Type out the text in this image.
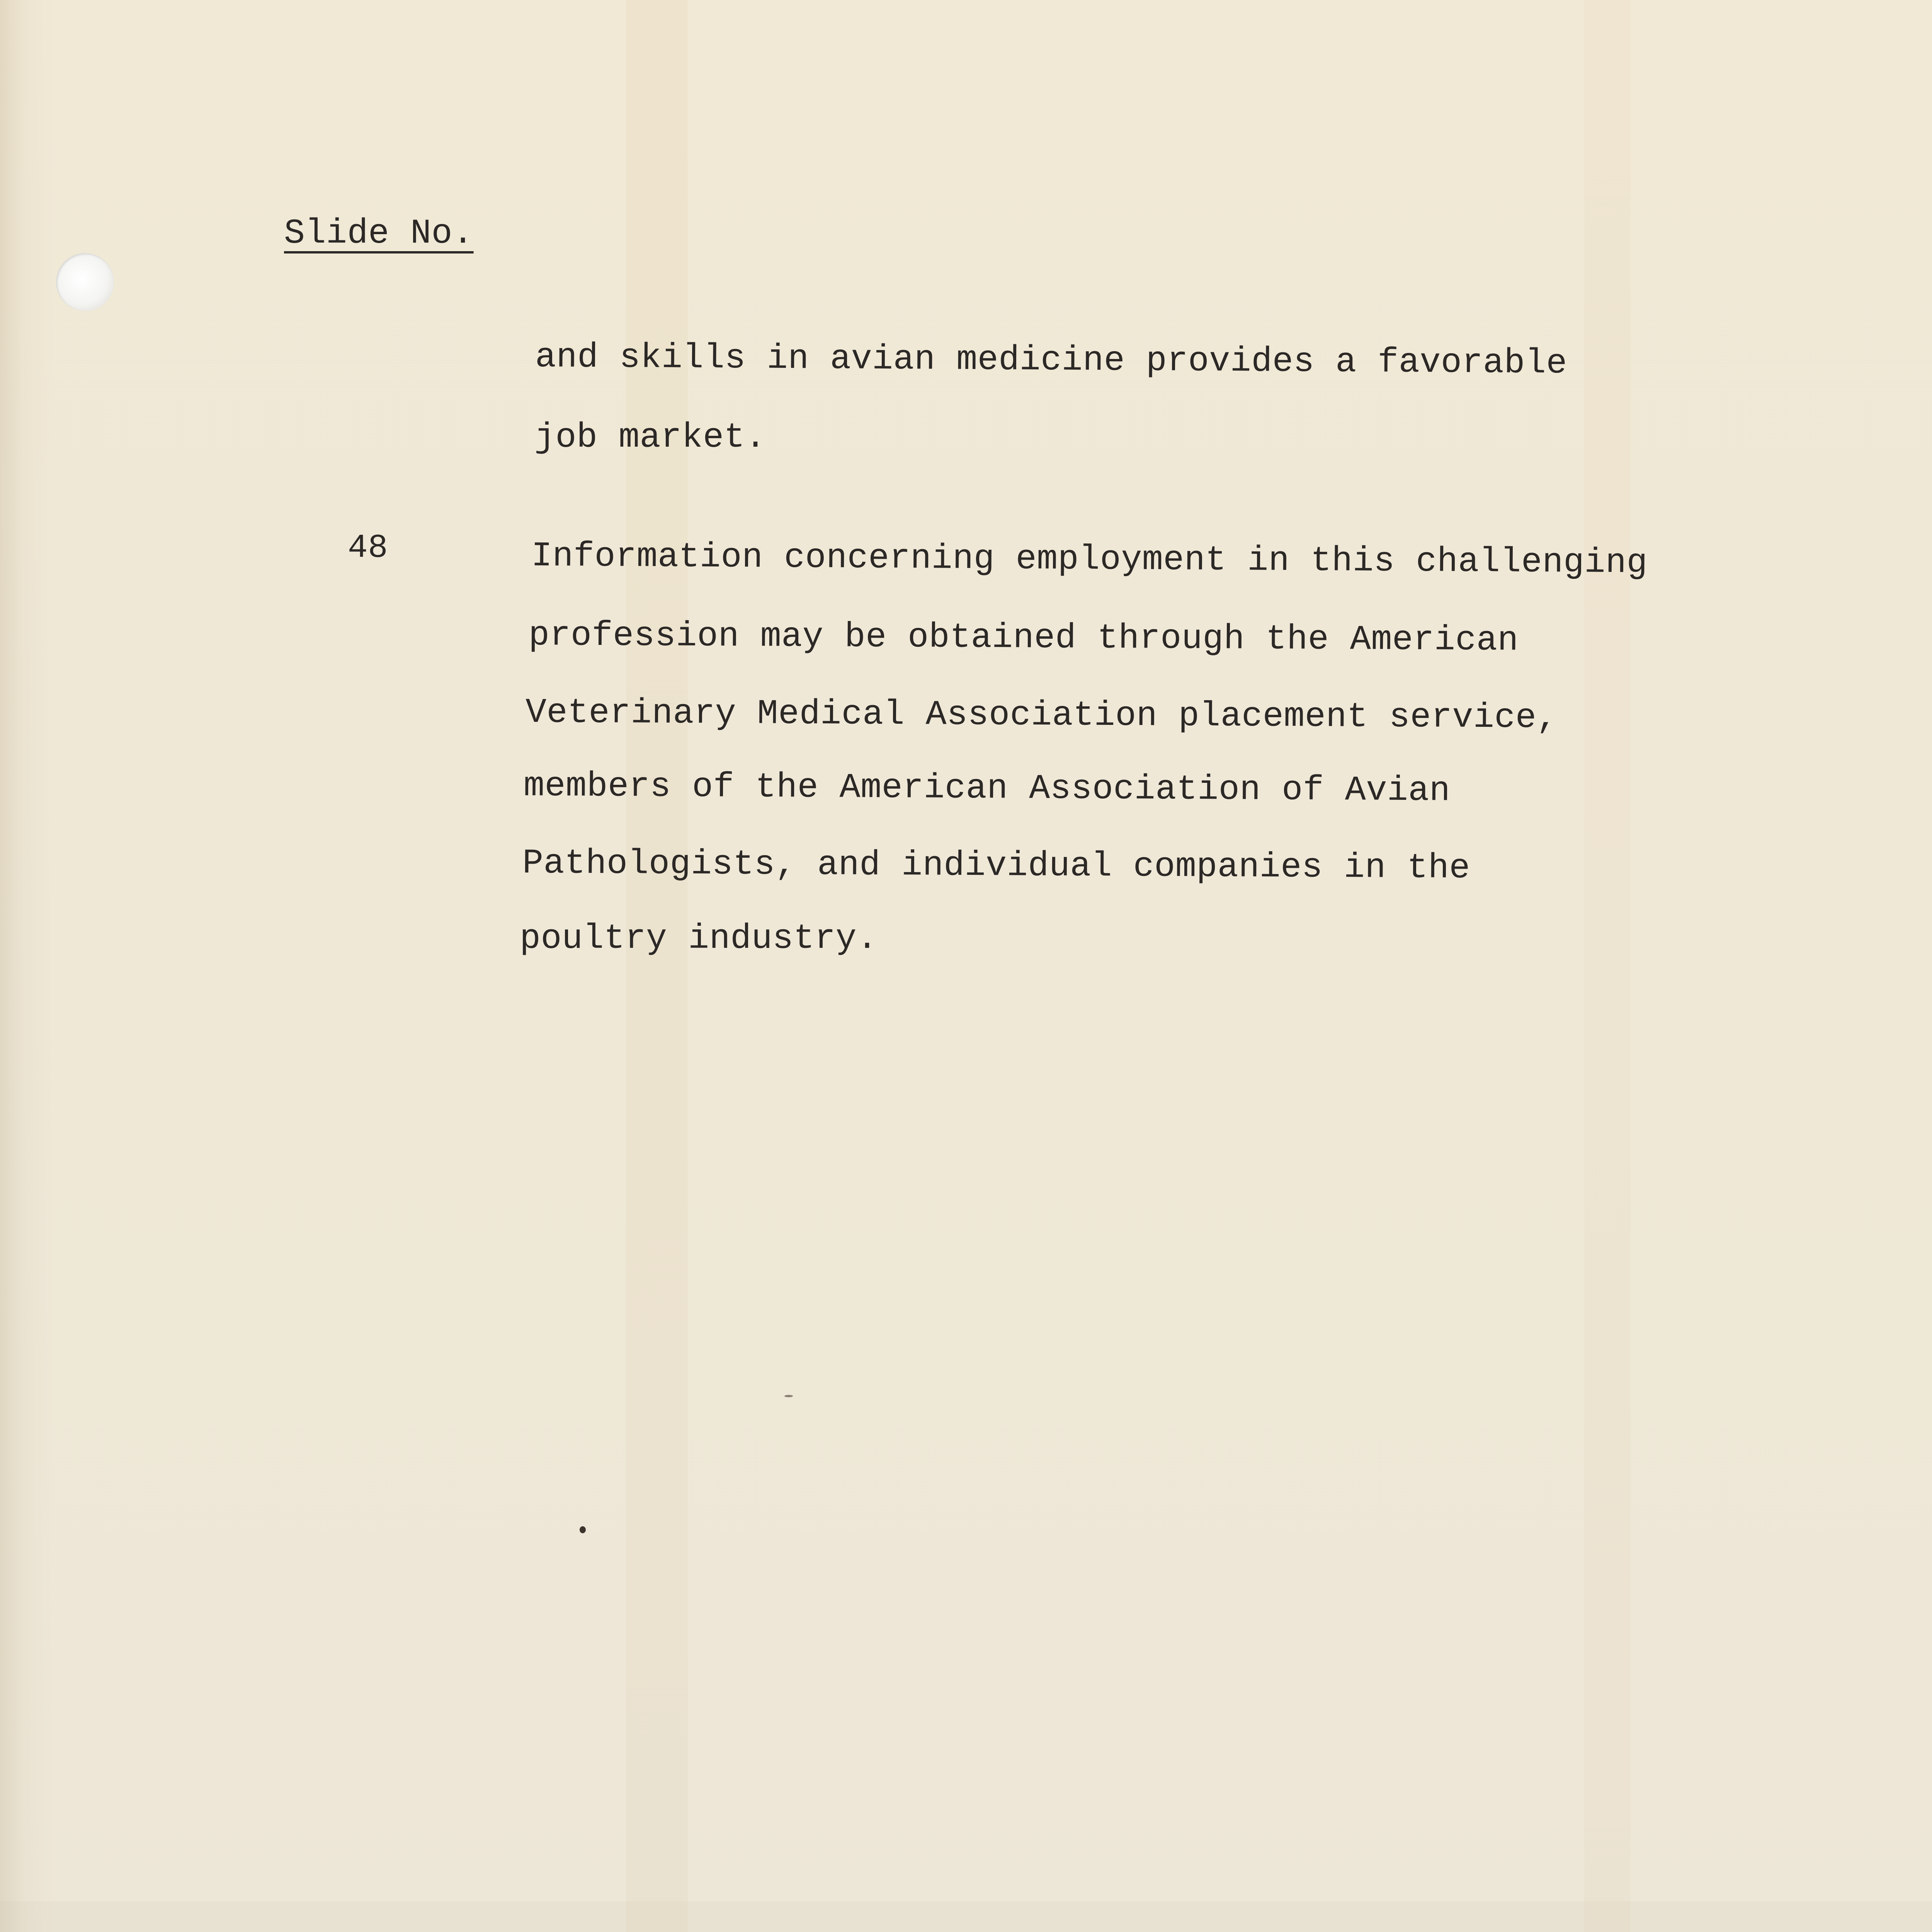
Slide No.
and skills in avian medicine provides a favorable
job market.
48	Information concerning employment in this challenging
profession may be obtained through the American
Veterinary Medical Association placement service,
members of the American Association of Avian
Pathologists, and individual companies in the
poultry industry.
